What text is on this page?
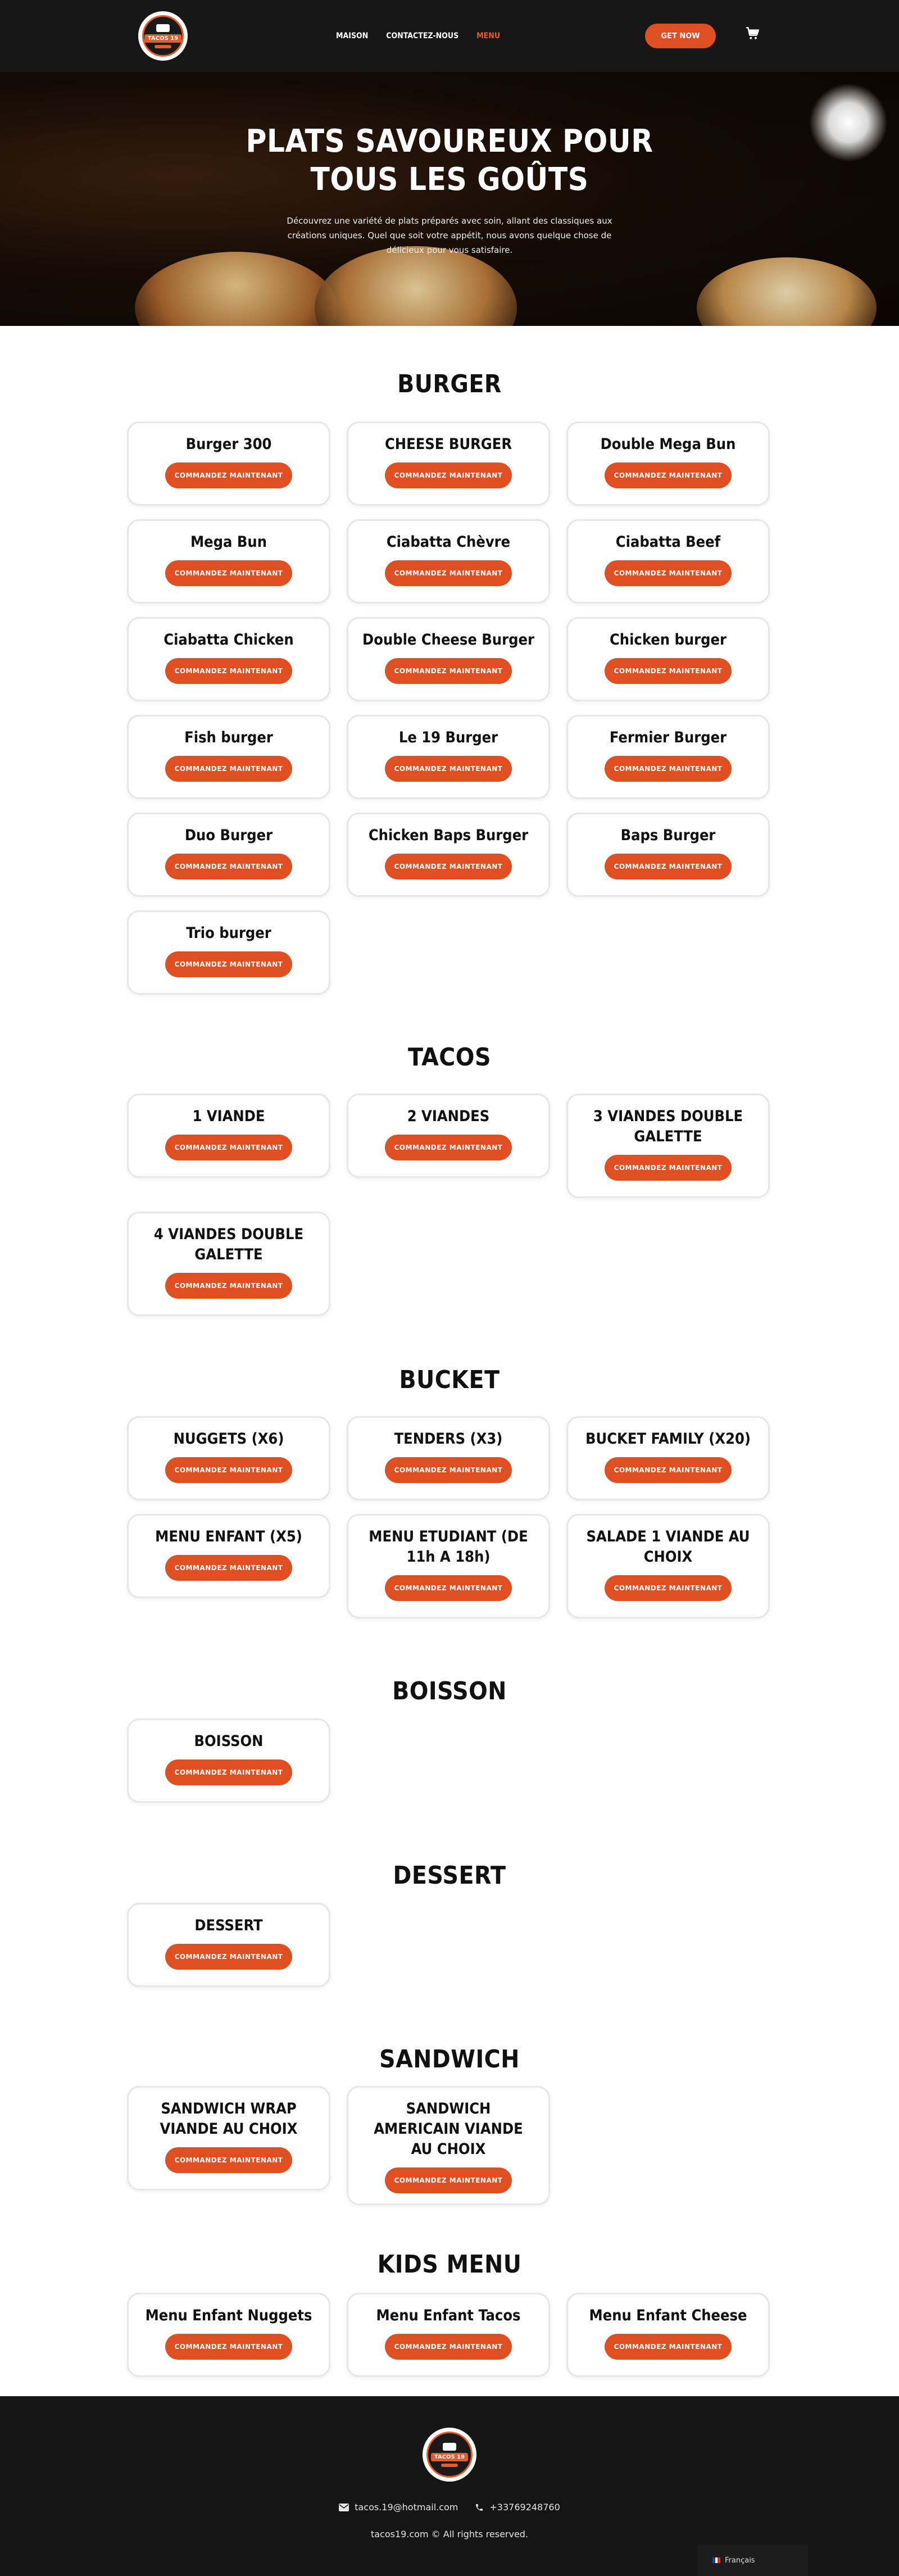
TACOS 19	MAISON CONTACTEZ-NOUS MENU	GET NOW
PLATS SAVOUREUX POUR
TOUS LES GOÛTS

Découvrez une variété de plats préparés avec soin, allant des classiques aux créations uniques. Quel que soit votre appétit, nous avons quelque chose de délicieux pour vous satisfaire.

BURGER
Burger 300
COMMANDEZ MAINTENANT
CHEESE BURGER
COMMANDEZ MAINTENANT
Double Mega Bun
COMMANDEZ MAINTENANT
Mega Bun
COMMANDEZ MAINTENANT
Ciabatta Chèvre
COMMANDEZ MAINTENANT
Ciabatta Beef
COMMANDEZ MAINTENANT
Ciabatta Chicken
COMMANDEZ MAINTENANT
Double Cheese Burger
COMMANDEZ MAINTENANT
Chicken burger
COMMANDEZ MAINTENANT
Fish burger
COMMANDEZ MAINTENANT
Le 19 Burger
COMMANDEZ MAINTENANT
Fermier Burger
COMMANDEZ MAINTENANT
Duo Burger
COMMANDEZ MAINTENANT
Chicken Baps Burger
COMMANDEZ MAINTENANT
Baps Burger
COMMANDEZ MAINTENANT
Trio burger
COMMANDEZ MAINTENANT
TACOS
1 VIANDE
COMMANDEZ MAINTENANT
2 VIANDES
COMMANDEZ MAINTENANT
3 VIANDES DOUBLE GALETTE
COMMANDEZ MAINTENANT
4 VIANDES DOUBLE GALETTE
COMMANDEZ MAINTENANT
BUCKET
NUGGETS (X6)
COMMANDEZ MAINTENANT
TENDERS (X3)
COMMANDEZ MAINTENANT
BUCKET FAMILY (X20)
COMMANDEZ MAINTENANT
MENU ENFANT (X5)
COMMANDEZ MAINTENANT
MENU ETUDIANT (DE 11h A 18h)
COMMANDEZ MAINTENANT
SALADE 1 VIANDE AU CHOIX
COMMANDEZ MAINTENANT
BOISSON
BOISSON
COMMANDEZ MAINTENANT
DESSERT
DESSERT
COMMANDEZ MAINTENANT
SANDWICH
SANDWICH WRAP VIANDE AU CHOIX
COMMANDEZ MAINTENANT
SANDWICH AMERICAIN VIANDE AU CHOIX
COMMANDEZ MAINTENANT
KIDS MENU
Menu Enfant Nuggets
COMMANDEZ MAINTENANT
Menu Enfant Tacos
COMMANDEZ MAINTENANT
Menu Enfant Cheese
COMMANDEZ MAINTENANT
TACOS 19
tacos.19@hotmail.com	+33769248760
tacos19.com © All rights reserved.
Français
